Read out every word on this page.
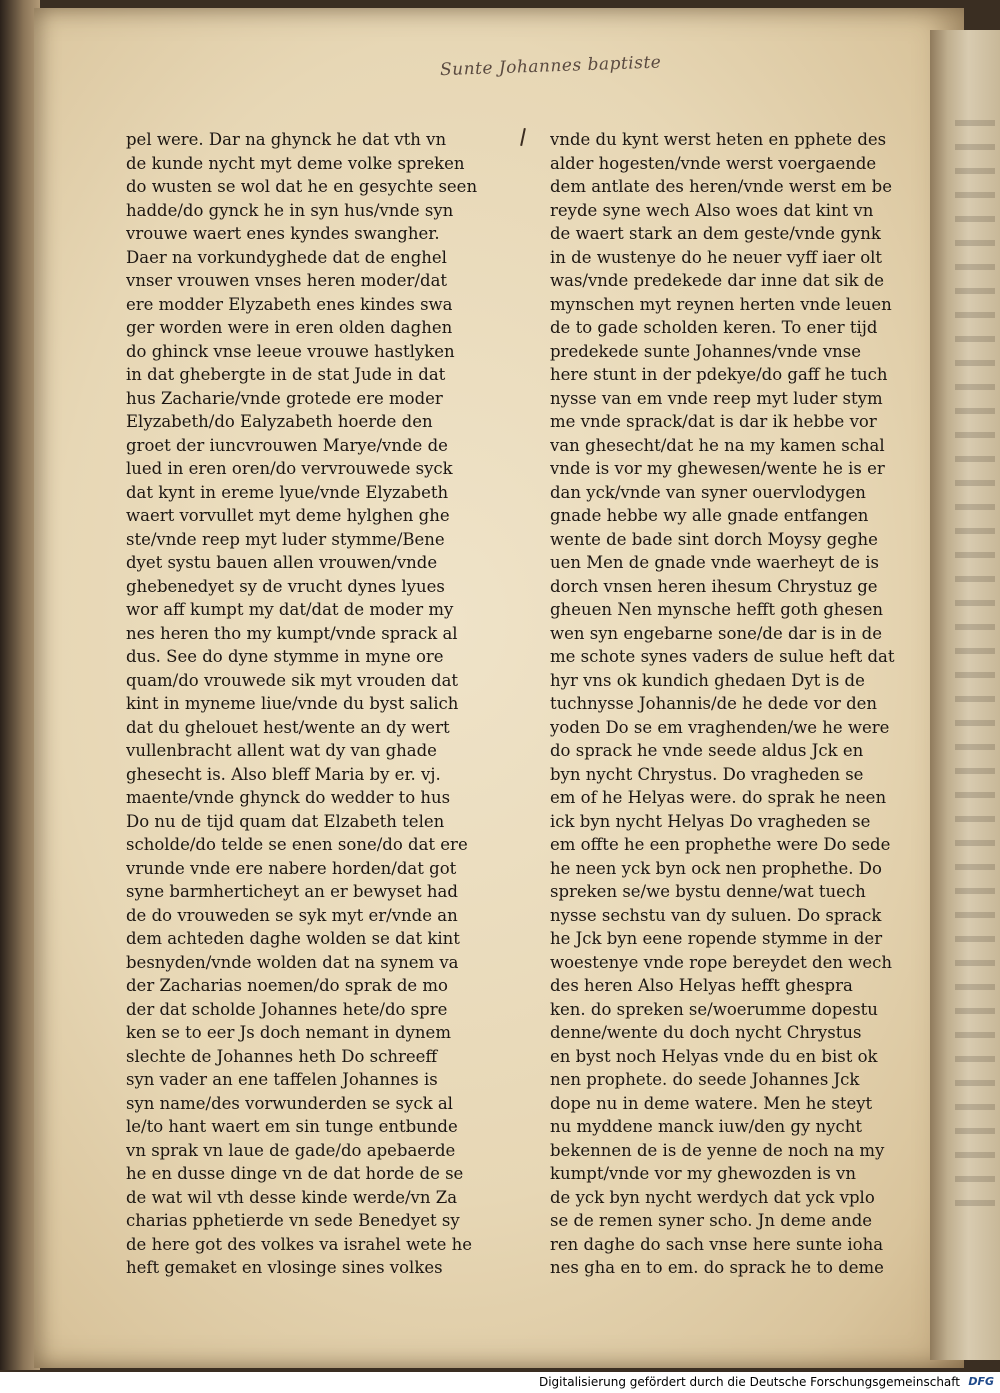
Sunte Johannes baptiste
pel were. Dar na ghynck he dat vth vn
de kunde nycht myt deme volke spreken
do wusten se wol dat he en gesychte seen
hadde/do gynck he in syn hus/vnde syn
vrouwe waert enes kyndes swangher.
Daer na vorkundyghede dat de enghel
vnser vrouwen vnses heren moder/dat
ere modder Elyzabeth enes kindes swa
ger worden were in eren olden daghen
do ghinck vnse leeue vrouwe hastlyken
in dat ghebergte in de stat Jude in dat
hus Zacharie/vnde grotede ere moder
Elyzabeth/do Ealyzabeth hoerde den
groet der iuncvrouwen Marye/vnde de
lued in eren oren/do vervrouwede syck
dat kynt in ereme lyue/vnde Elyzabeth
waert vorvullet myt deme hylghen ghe
ste/vnde reep myt luder stymme/Bene
dyet systu bauen allen vrouwen/vnde
ghebenedyet sy de vrucht dynes lyues
wor aff kumpt my dat/dat de moder my
nes heren tho my kumpt/vnde sprack al
dus. See do dyne stymme in myne ore
quam/do vrouwede sik myt vrouden dat
kint in myneme liue/vnde du byst salich
dat du ghelouet hest/wente an dy wert
vullenbracht allent wat dy van ghade
ghesecht is. Also bleff Maria by er. vj.
maente/vnde ghynck do wedder to hus
Do nu de tijd quam dat Elzabeth telen
scholde/do telde se enen sone/do dat ere
vrunde vnde ere nabere horden/dat got
syne barmherticheyt an er bewyset had
de do vrouweden se syk myt er/vnde an
dem achteden daghe wolden se dat kint
besnyden/vnde wolden dat na synem va
der Zacharias noemen/do sprak de mo
der dat scholde Johannes hete/do spre
ken se to eer Js doch nemant in dynem
slechte de Johannes heth Do schreeff
syn vader an ene taffelen Johannes is
syn name/des vorwunderden se syck al
le/to hant waert em sin tunge entbunde
vn sprak vn laue de gade/do apebaerde
he en dusse dinge vn de dat horde de se
de wat wil vth desse kinde werde/vn Za
charias pphetierde vn sede Benedyet sy
de here got des volkes va israhel wete he
heft gemaket en vlosinge sines volkes
vnde du kynt werst heten en pphete des
alder hogesten/vnde werst voergaende
dem antlate des heren/vnde werst em be
reyde syne wech Also woes dat kint vn
de waert stark an dem geste/vnde gynk
in de wustenye do he neuer vyff iaer olt
was/vnde predekede dar inne dat sik de
mynschen myt reynen herten vnde leuen
de to gade scholden keren. To ener tijd
predekede sunte Johannes/vnde vnse
here stunt in der pdekye/do gaff he tuch
nysse van em vnde reep myt luder stym
me vnde sprack/dat is dar ik hebbe vor
van ghesecht/dat he na my kamen schal
vnde is vor my ghewesen/wente he is er
dan yck/vnde van syner ouervlodygen
gnade hebbe wy alle gnade entfangen
wente de bade sint dorch Moysy geghe
uen Men de gnade vnde waerheyt de is
dorch vnsen heren ihesum Chrystuz ge
gheuen Nen mynsche hefft goth ghesen
wen syn engebarne sone/de dar is in de
me schote synes vaders de sulue heft dat
hyr vns ok kundich ghedaen Dyt is de
tuchnysse Johannis/de he dede vor den
yoden Do se em vraghenden/we he were
do sprack he vnde seede aldus Jck en
byn nycht Chrystus. Do vragheden se
em of he Helyas were. do sprak he neen
ick byn nycht Helyas Do vragheden se
em offte he een prophethe were Do sede
he neen yck byn ock nen prophethe. Do
spreken se/we bystu denne/wat tuech
nysse sechstu van dy suluen. Do sprack
he Jck byn eene ropende stymme in der
woestenye vnde rope bereydet den wech
des heren Also Helyas hefft ghespra
ken. do spreken se/woerumme dopestu
denne/wente du doch nycht Chrystus
en byst noch Helyas vnde du en bist ok
nen prophete. do seede Johannes Jck
dope nu in deme watere. Men he steyt
nu myddene manck iuw/den gy nycht
bekennen de is de yenne de noch na my
kumpt/vnde vor my ghewozden is vn
de yck byn nycht werdych dat yck vplo
se de remen syner scho. Jn deme ande
ren daghe do sach vnse here sunte ioha
nes gha en to em. do sprack he to deme
Digitalisierung gefördert durch die Deutsche Forschungsgemeinschaft DFG
